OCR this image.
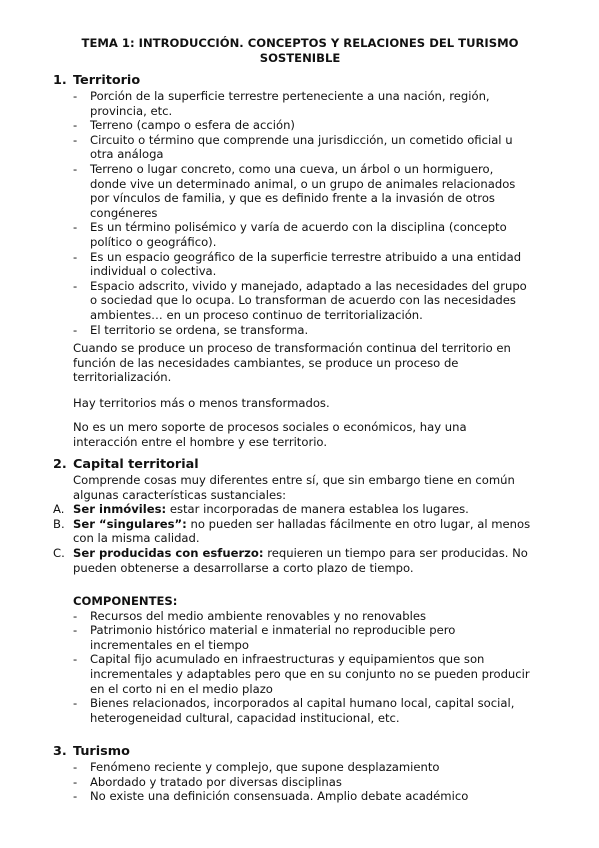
TEMA 1: INTRODUCCIÓN. CONCEPTOS Y RELACIONES DEL TURISMO
SOSTENIBLE
1. Territorio
- Porción de la superficie terrestre perteneciente a una nación, región, provincia, etc.
- Terreno (campo o esfera de acción)
- Circuito o término que comprende una jurisdicción, un cometido oficial u otra análoga
- Terreno o lugar concreto, como una cueva, un árbol o un hormiguero, donde vive un determinado animal, o un grupo de animales relacionados por vínculos de familia, y que es definido frente a la invasión de otros congéneres
- Es un término polisémico y varía de acuerdo con la disciplina (concepto político o geográfico).
- Es un espacio geográfico de la superficie terrestre atribuido a una entidad individual o colectiva.
- Espacio adscrito, vivido y manejado, adaptado a las necesidades del grupo o sociedad que lo ocupa. Lo transforman de acuerdo con las necesidades ambientes… en un proceso continuo de territorialización.
- El territorio se ordena, se transforma.

Cuando se produce un proceso de transformación continua del territorio en función de las necesidades cambiantes, se produce un proceso de territorialización.

Hay territorios más o menos transformados.

No es un mero soporte de procesos sociales o económicos, hay una interacción entre el hombre y ese territorio.

2. Capital territorial

Comprende cosas muy diferentes entre sí, que sin embargo tiene en común algunas características sustanciales:

A. Ser inmóviles: estar incorporadas de manera establea los lugares.
B. Ser “singulares”: no pueden ser halladas fácilmente en otro lugar, al menos con la misma calidad.
C. Ser producidas con esfuerzo: requieren un tiempo para ser producidas. No pueden obtenerse a desarrollarse a corto plazo de tiempo.

COMPONENTES:

- Recursos del medio ambiente renovables y no renovables
- Patrimonio histórico material e inmaterial no reproducible pero incrementales en el tiempo
- Capital fijo acumulado en infraestructuras y equipamientos que son incrementales y adaptables pero que en su conjunto no se pueden producir en el corto ni en el medio plazo
- Bienes relacionados, incorporados al capital humano local, capital social, heterogeneidad cultural, capacidad institucional, etc.
3. Turismo
- Fenómeno reciente y complejo, que supone desplazamiento
- Abordado y tratado por diversas disciplinas
- No existe una definición consensuada. Amplio debate académico
